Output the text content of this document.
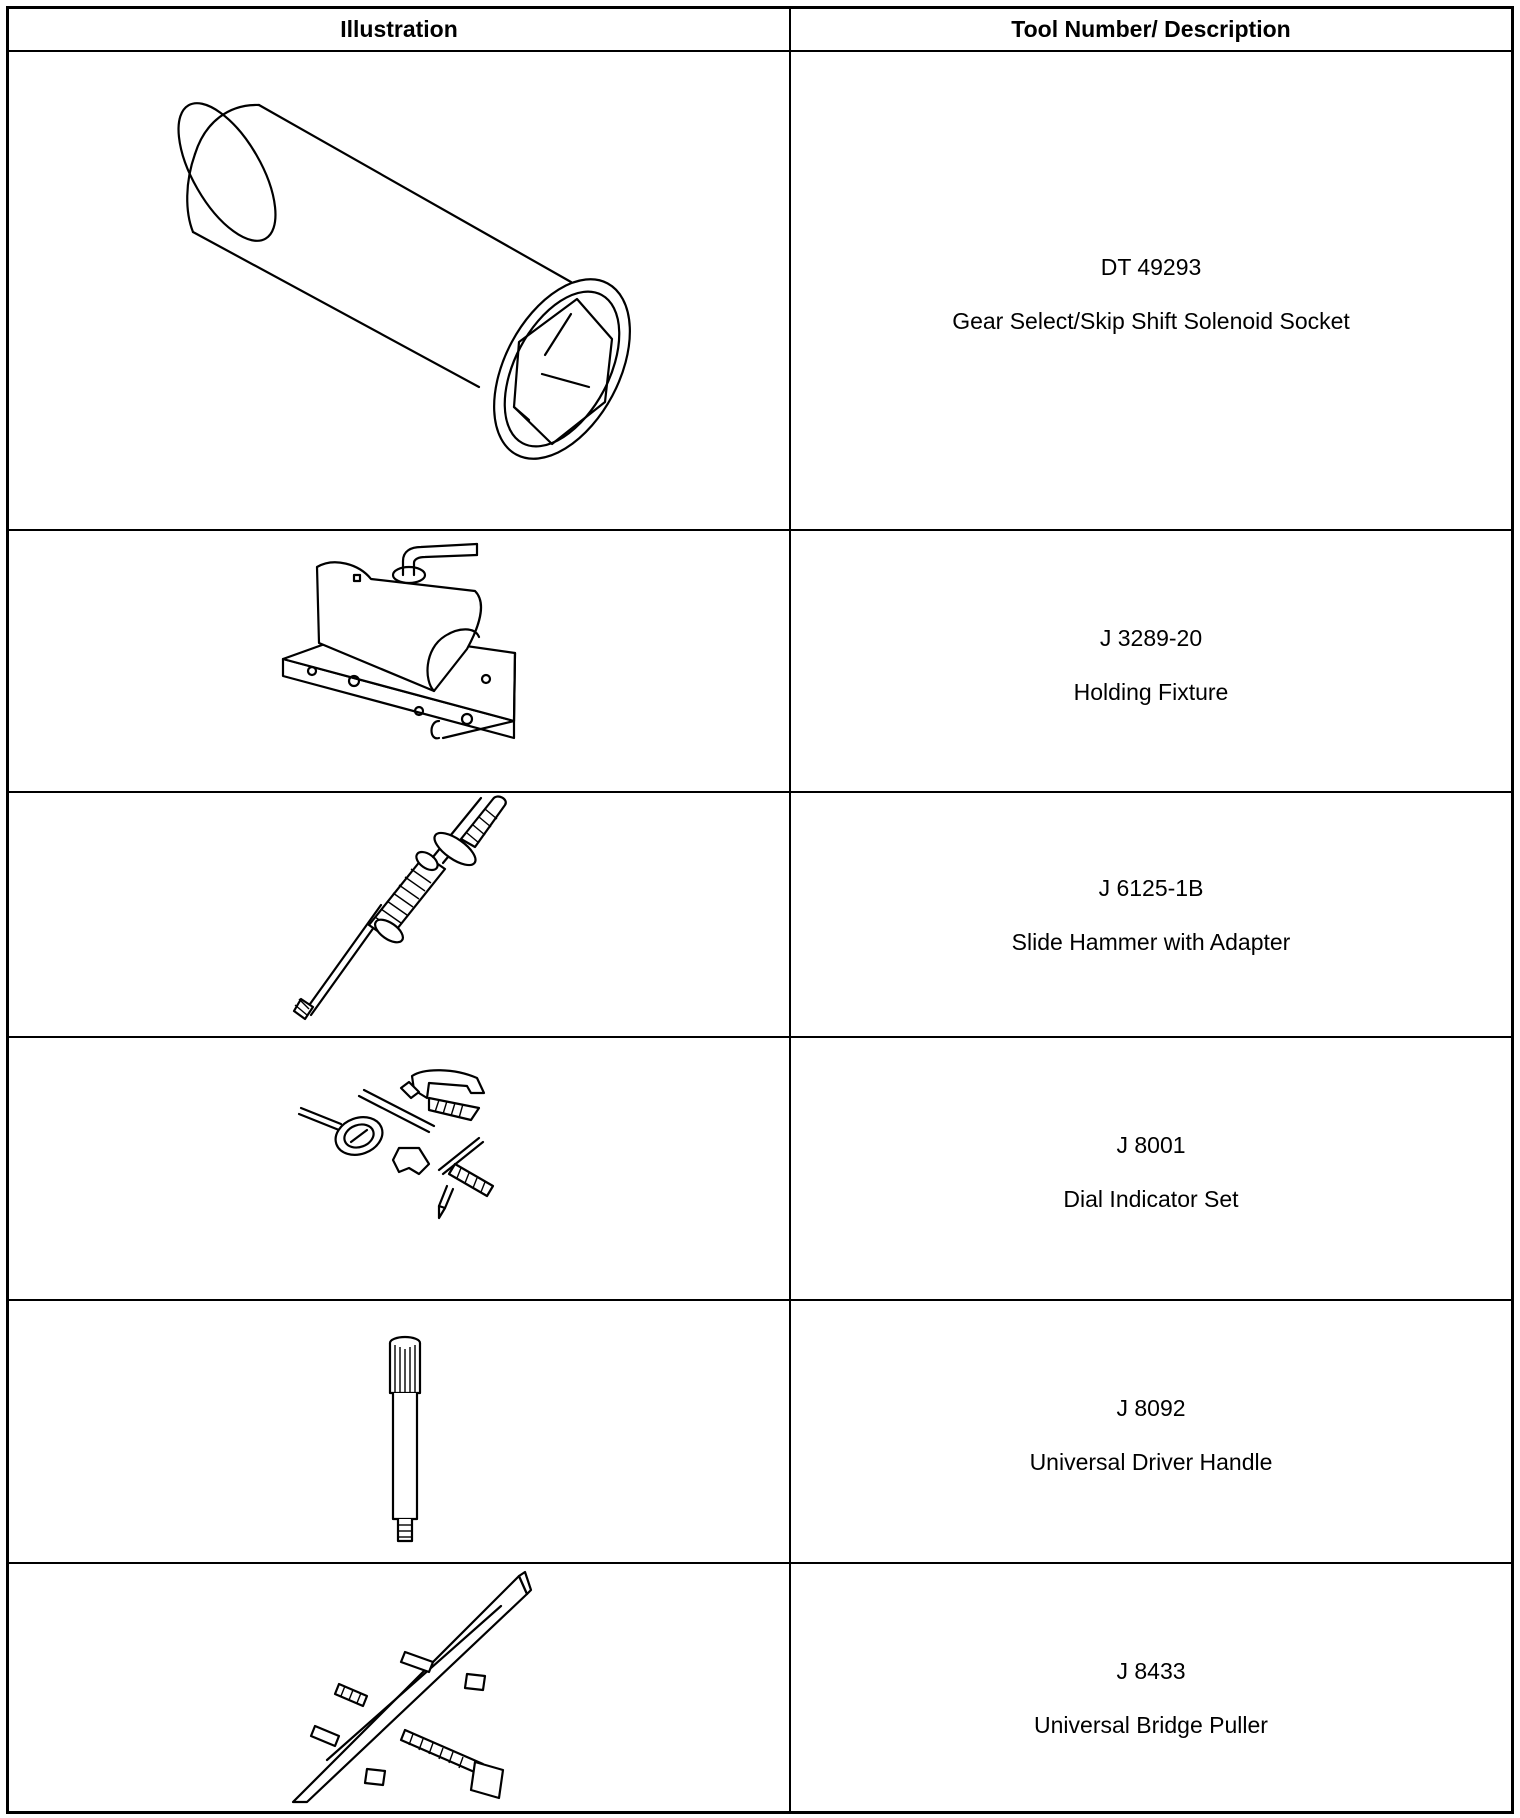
Illustration	Tool Number/ Description
DT 49293
Gear Select/Skip Shift Solenoid Socket
J 3289-20
Holding Fixture
J 6125-1B
Slide Hammer with Adapter
J 8001
Dial Indicator Set
J 8092
Universal Driver Handle
J 8433
Universal Bridge Puller
